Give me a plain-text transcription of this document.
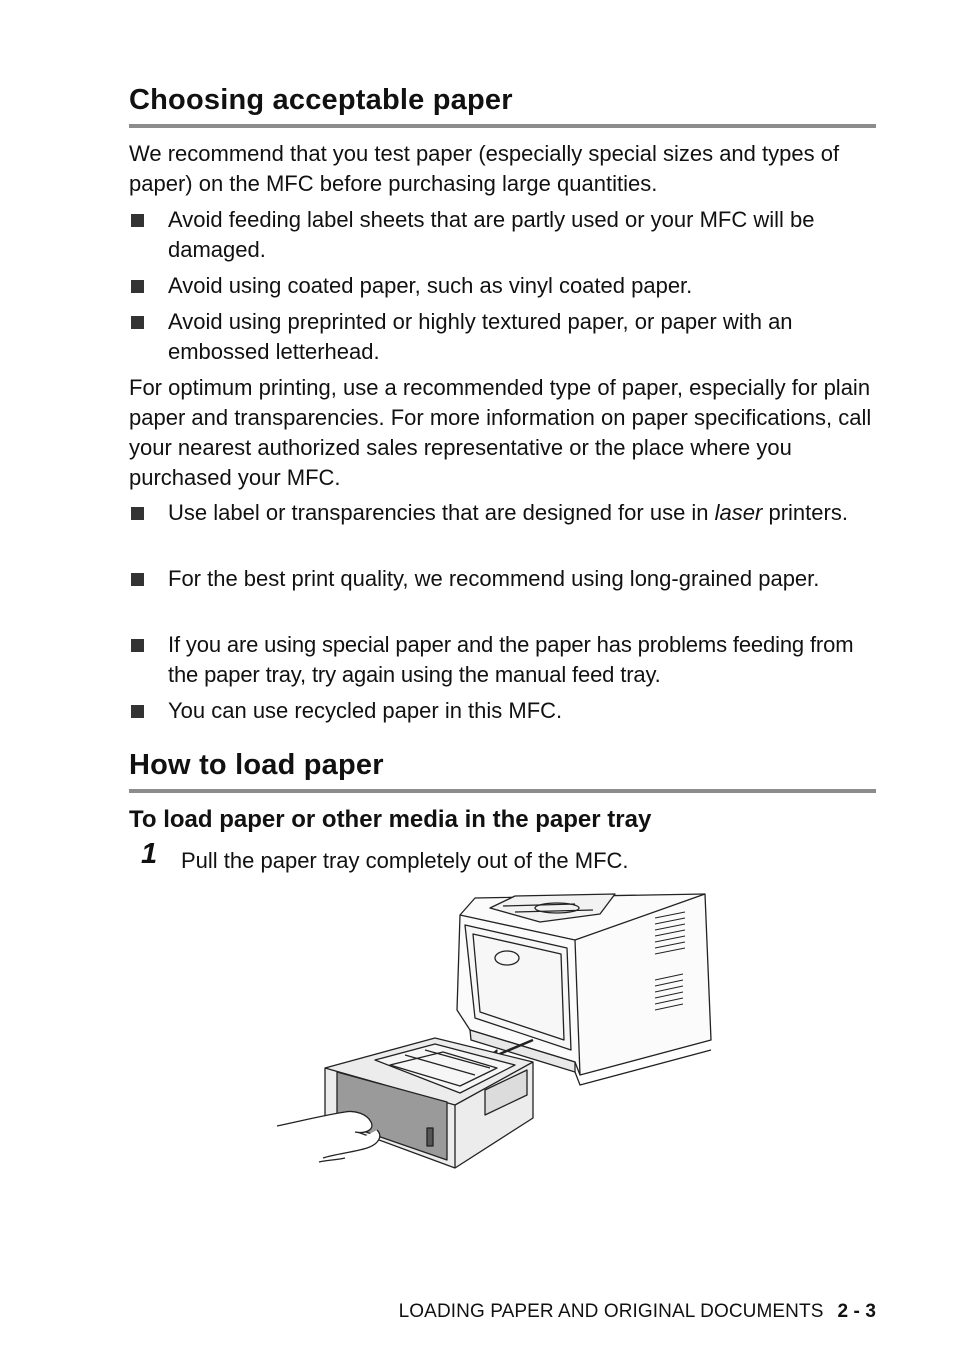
Choosing acceptable paper

We recommend that you test paper (especially special sizes and types of paper) on the MFC before purchasing large quantities.

Avoid feeding label sheets that are partly used or your MFC will be damaged.
Avoid using coated paper, such as vinyl coated paper.
Avoid using preprinted or highly textured paper, or paper with an embossed letterhead.

For optimum printing, use a recommended type of paper, especially for plain paper and transparencies. For more information on paper specifications, call your nearest authorized sales representative or the place where you purchased your MFC.

Use label or transparencies that are designed for use in laser printers.
For the best print quality, we recommend using long-grained paper.
If you are using special paper and the paper has problems feeding from the paper tray, try again using the manual feed tray.
You can use recycled paper in this MFC.
How to load paper
To load paper or other media in the paper tray
1 Pull the paper tray completely out of the MFC.
LOADING PAPER AND ORIGINAL DOCUMENTS 2 - 3
